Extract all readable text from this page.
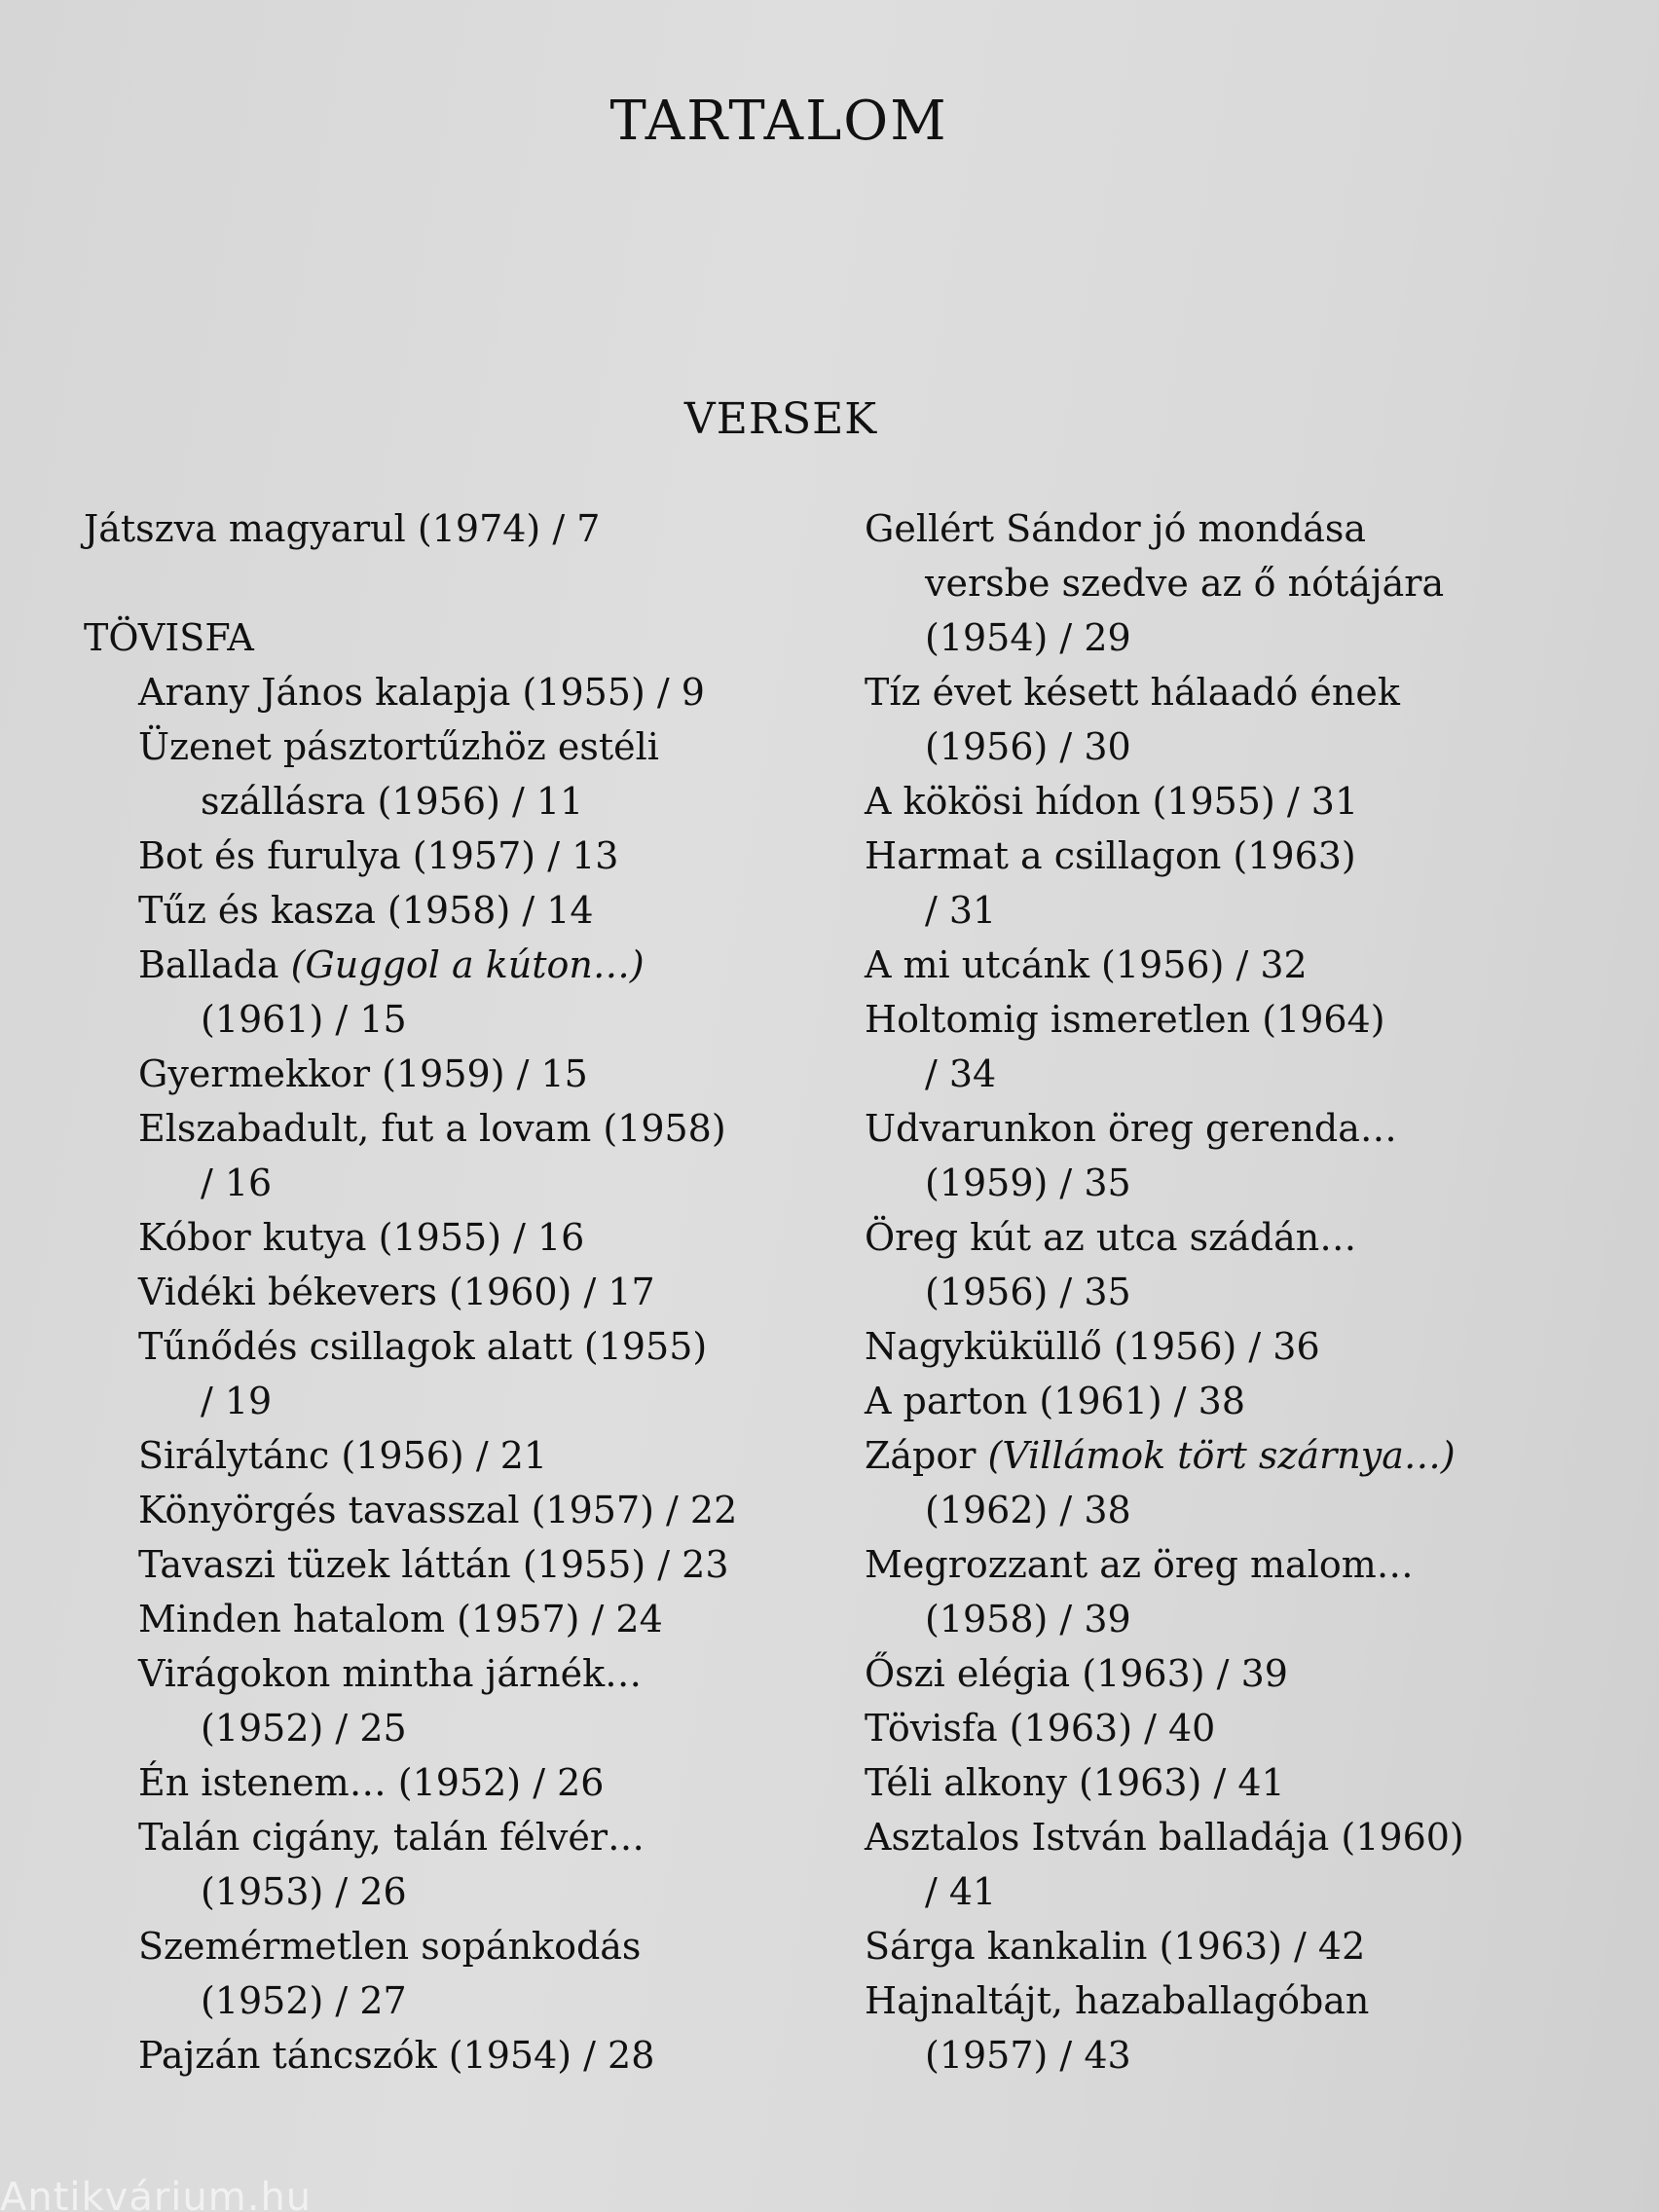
TARTALOM
VERSEK
Játszva magyarul (1974) / 7
TÖVISFA
Arany János kalapja (1955) / 9
Üzenet pásztortűzhöz estéli
szállásra (1956) / 11
Bot és furulya (1957) / 13
Tűz és kasza (1958) / 14
Ballada (Guggol a kúton…)
(1961) / 15
Gyermekkor (1959) / 15
Elszabadult, fut a lovam (1958)
/ 16
Kóbor kutya (1955) / 16
Vidéki békevers (1960) / 17
Tűnődés csillagok alatt (1955)
/ 19
Sirálytánc (1956) / 21
Könyörgés tavasszal (1957) / 22
Tavaszi tüzek láttán (1955) / 23
Minden hatalom (1957) / 24
Virágokon mintha járnék…
(1952) / 25
Én istenem… (1952) / 26
Talán cigány, talán félvér…
(1953) / 26
Szemérmetlen sopánkodás
(1952) / 27
Pajzán táncszók (1954) / 28
Gellért Sándor jó mondása
versbe szedve az ő nótájára
(1954) / 29
Tíz évet késett hálaadó ének
(1956) / 30
A kökösi hídon (1955) / 31
Harmat a csillagon (1963)
/ 31
A mi utcánk (1956) / 32
Holtomig ismeretlen (1964)
/ 34
Udvarunkon öreg gerenda…
(1959) / 35
Öreg kút az utca szádán…
(1956) / 35
Nagyküküllő (1956) / 36
A parton (1961) / 38
Zápor (Villámok tört szárnya…)
(1962) / 38
Megrozzant az öreg malom…
(1958) / 39
Őszi elégia (1963) / 39
Tövisfa (1963) / 40
Téli alkony (1963) / 41
Asztalos István balladája (1960)
/ 41
Sárga kankalin (1963) / 42
Hajnaltájt, hazaballagóban
(1957) / 43
Antikvárium.hu
